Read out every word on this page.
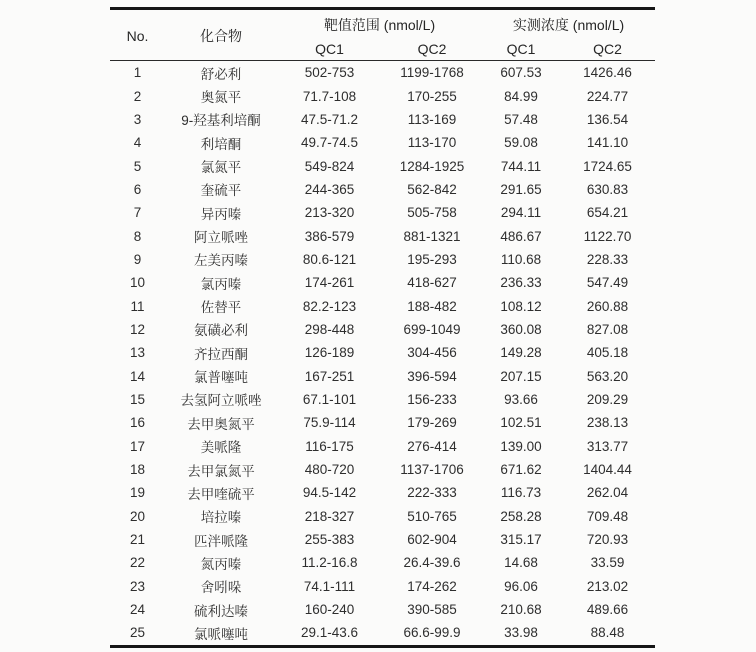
No.	化合物	靶值范围 (nmol/L)		实测浓度 (nmol/L)	
		QC1	QC2	QC1	QC2
1	舒必利	502-753	1199-1768	607.53	1426.46
2	奥氮平	71.7-108	170-255	84.99	224.77
3	9-羟基利培酮	47.5-71.2	113-169	57.48	136.54
4	利培酮	49.7-74.5	113-170	59.08	141.10
5	氯氮平	549-824	1284-1925	744.11	1724.65
6	奎硫平	244-365	562-842	291.65	630.83
7	异丙嗪	213-320	505-758	294.11	654.21
8	阿立哌唑	386-579	881-1321	486.67	1122.70
9	左美丙嗪	80.6-121	195-293	110.68	228.33
10	氯丙嗪	174-261	418-627	236.33	547.49
11	佐替平	82.2-123	188-482	108.12	260.88
12	氨磺必利	298-448	699-1049	360.08	827.08
13	齐拉西酮	126-189	304-456	149.28	405.18
14	氯普噻吨	167-251	396-594	207.15	563.20
15	去氢阿立哌唑	67.1-101	156-233	93.66	209.29
16	去甲奥氮平	75.9-114	179-269	102.51	238.13
17	美哌隆	116-175	276-414	139.00	313.77
18	去甲氯氮平	480-720	1137-1706	671.62	1404.44
19	去甲喹硫平	94.5-142	222-333	116.73	262.04
20	培拉嗪	218-327	510-765	258.28	709.48
21	匹泮哌隆	255-383	602-904	315.17	720.93
22	氮丙嗪	11.2-16.8	26.4-39.6	14.68	33.59
23	舍吲哚	74.1-111	174-262	96.06	213.02
24	硫利达嗪	160-240	390-585	210.68	489.66
25	氯哌噻吨	29.1-43.6	66.6-99.9	33.98	88.48
